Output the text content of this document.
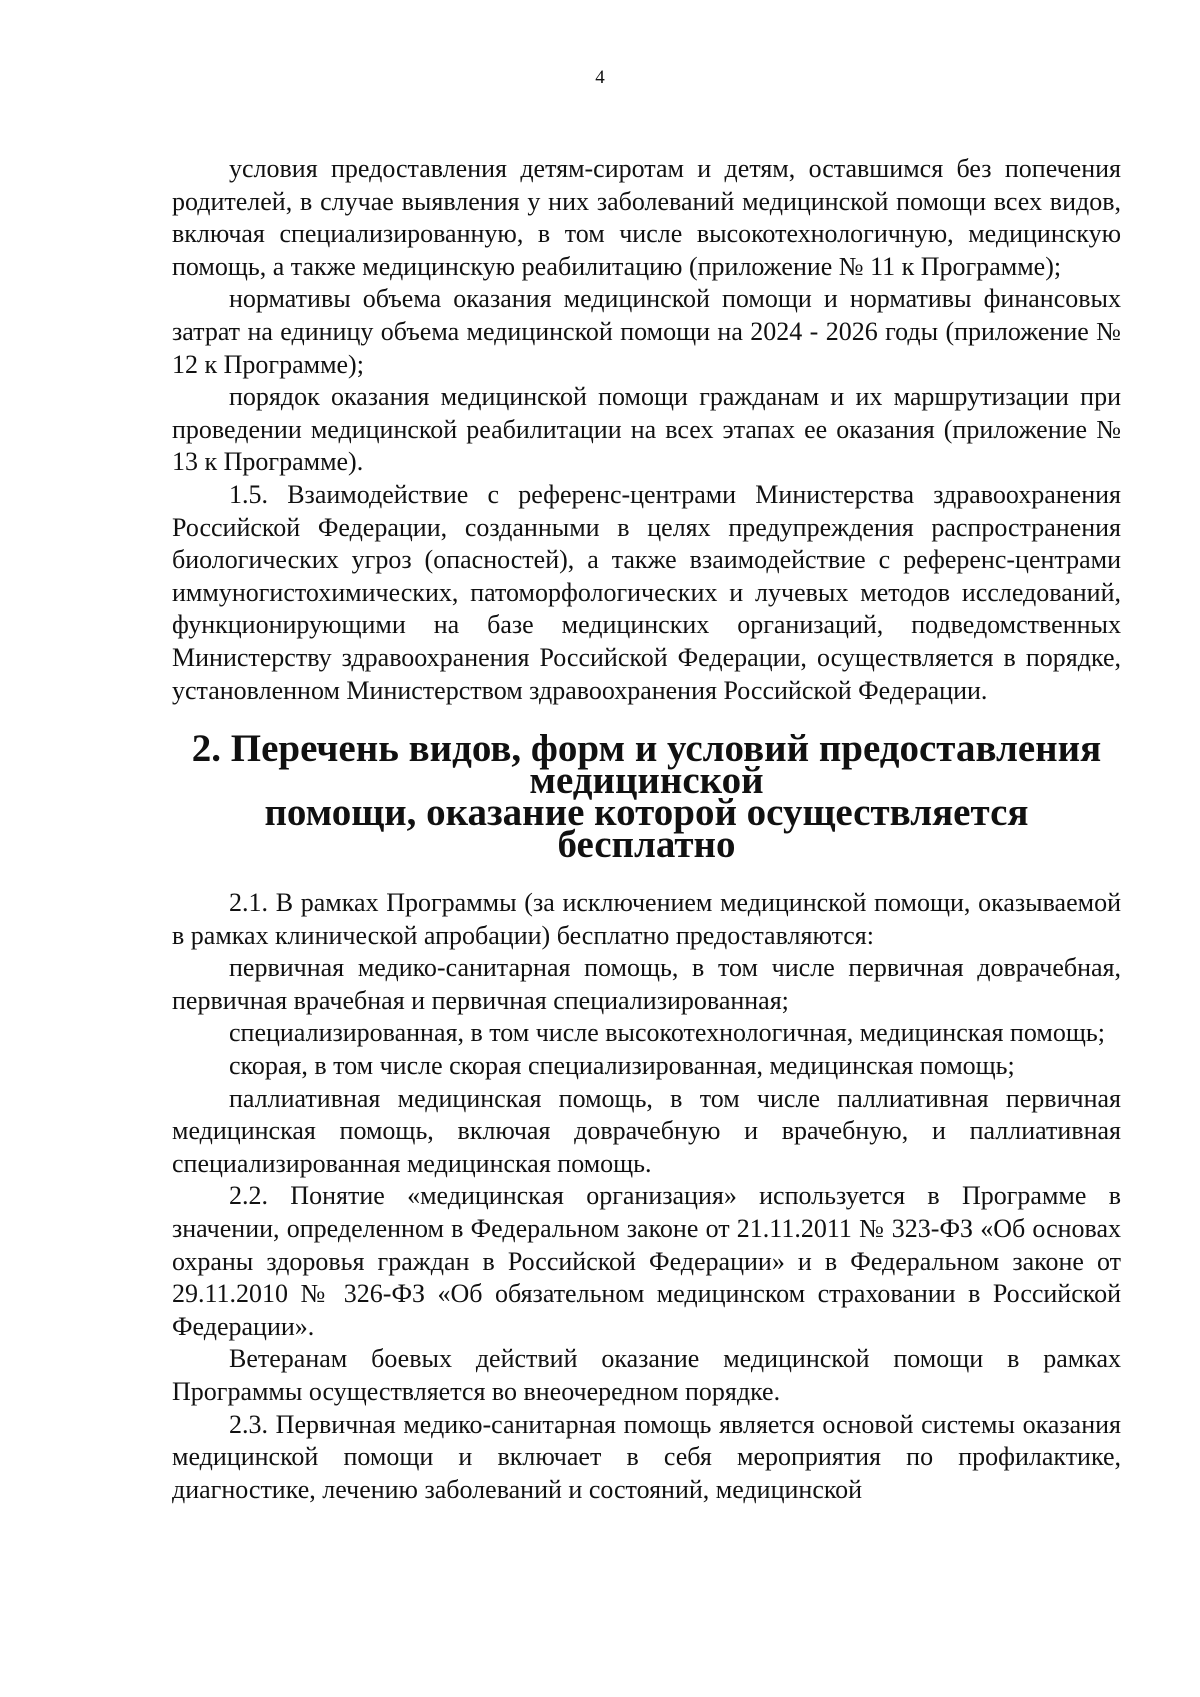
4

условия предоставления детям-сиротам и детям, оставшимся без попечения родителей, в случае выявления у них заболеваний медицинской помощи всех видов, включая специализированную, в том числе высокотехнологичную, медицинскую помощь, а также медицинскую реабилитацию (приложение № 11 к Программе);

нормативы объема оказания медицинской помощи и нормативы финансовых затрат на единицу объема медицинской помощи на 2024 - 2026 годы (приложение № 12 к Программе);

порядок оказания медицинской помощи гражданам и их маршрутизации при проведении медицинской реабилитации на всех этапах ее оказания (приложение № 13 к Программе).

1.5. Взаимодействие с референс-центрами Министерства здравоохранения Российской Федерации, созданными в целях предупреждения распространения биологических угроз (опасностей), а также взаимодействие с референс-центрами иммуногистохимических, патоморфологических и лучевых методов исследований, функционирующими на базе медицинских организаций, подведомственных Министерству здравоохранения Российской Федерации, осуществляется в порядке, установленном Министерством здравоохранения Российской Федерации.

2. Перечень видов, форм и условий предоставления медицинской
помощи, оказание которой осуществляется бесплатно

2.1. В рамках Программы (за исключением медицинской помощи, оказываемой в рамках клинической апробации) бесплатно предоставляются:

первичная медико-санитарная помощь, в том числе первичная доврачебная, первичная врачебная и первичная специализированная;

специализированная, в том числе высокотехнологичная, медицинская помощь;

скорая, в том числе скорая специализированная, медицинская помощь;

паллиативная медицинская помощь, в том числе паллиативная первичная медицинская помощь, включая доврачебную и врачебную, и паллиативная специализированная медицинская помощь.

2.2. Понятие «медицинская организация» используется в Программе в значении, определенном в Федеральном законе от 21.11.2011 № 323-ФЗ «Об основах охраны здоровья граждан в Российской Федерации» и в Федеральном законе от 29.11.2010 № 326-ФЗ «Об обязательном медицинском страховании в Российской Федерации».

Ветеранам боевых действий оказание медицинской помощи в рамках Программы осуществляется во внеочередном порядке.

2.3. Первичная медико-санитарная помощь является основой системы оказания медицинской помощи и включает в себя мероприятия по профилактике, диагностике, лечению заболеваний и состояний, медицинской
